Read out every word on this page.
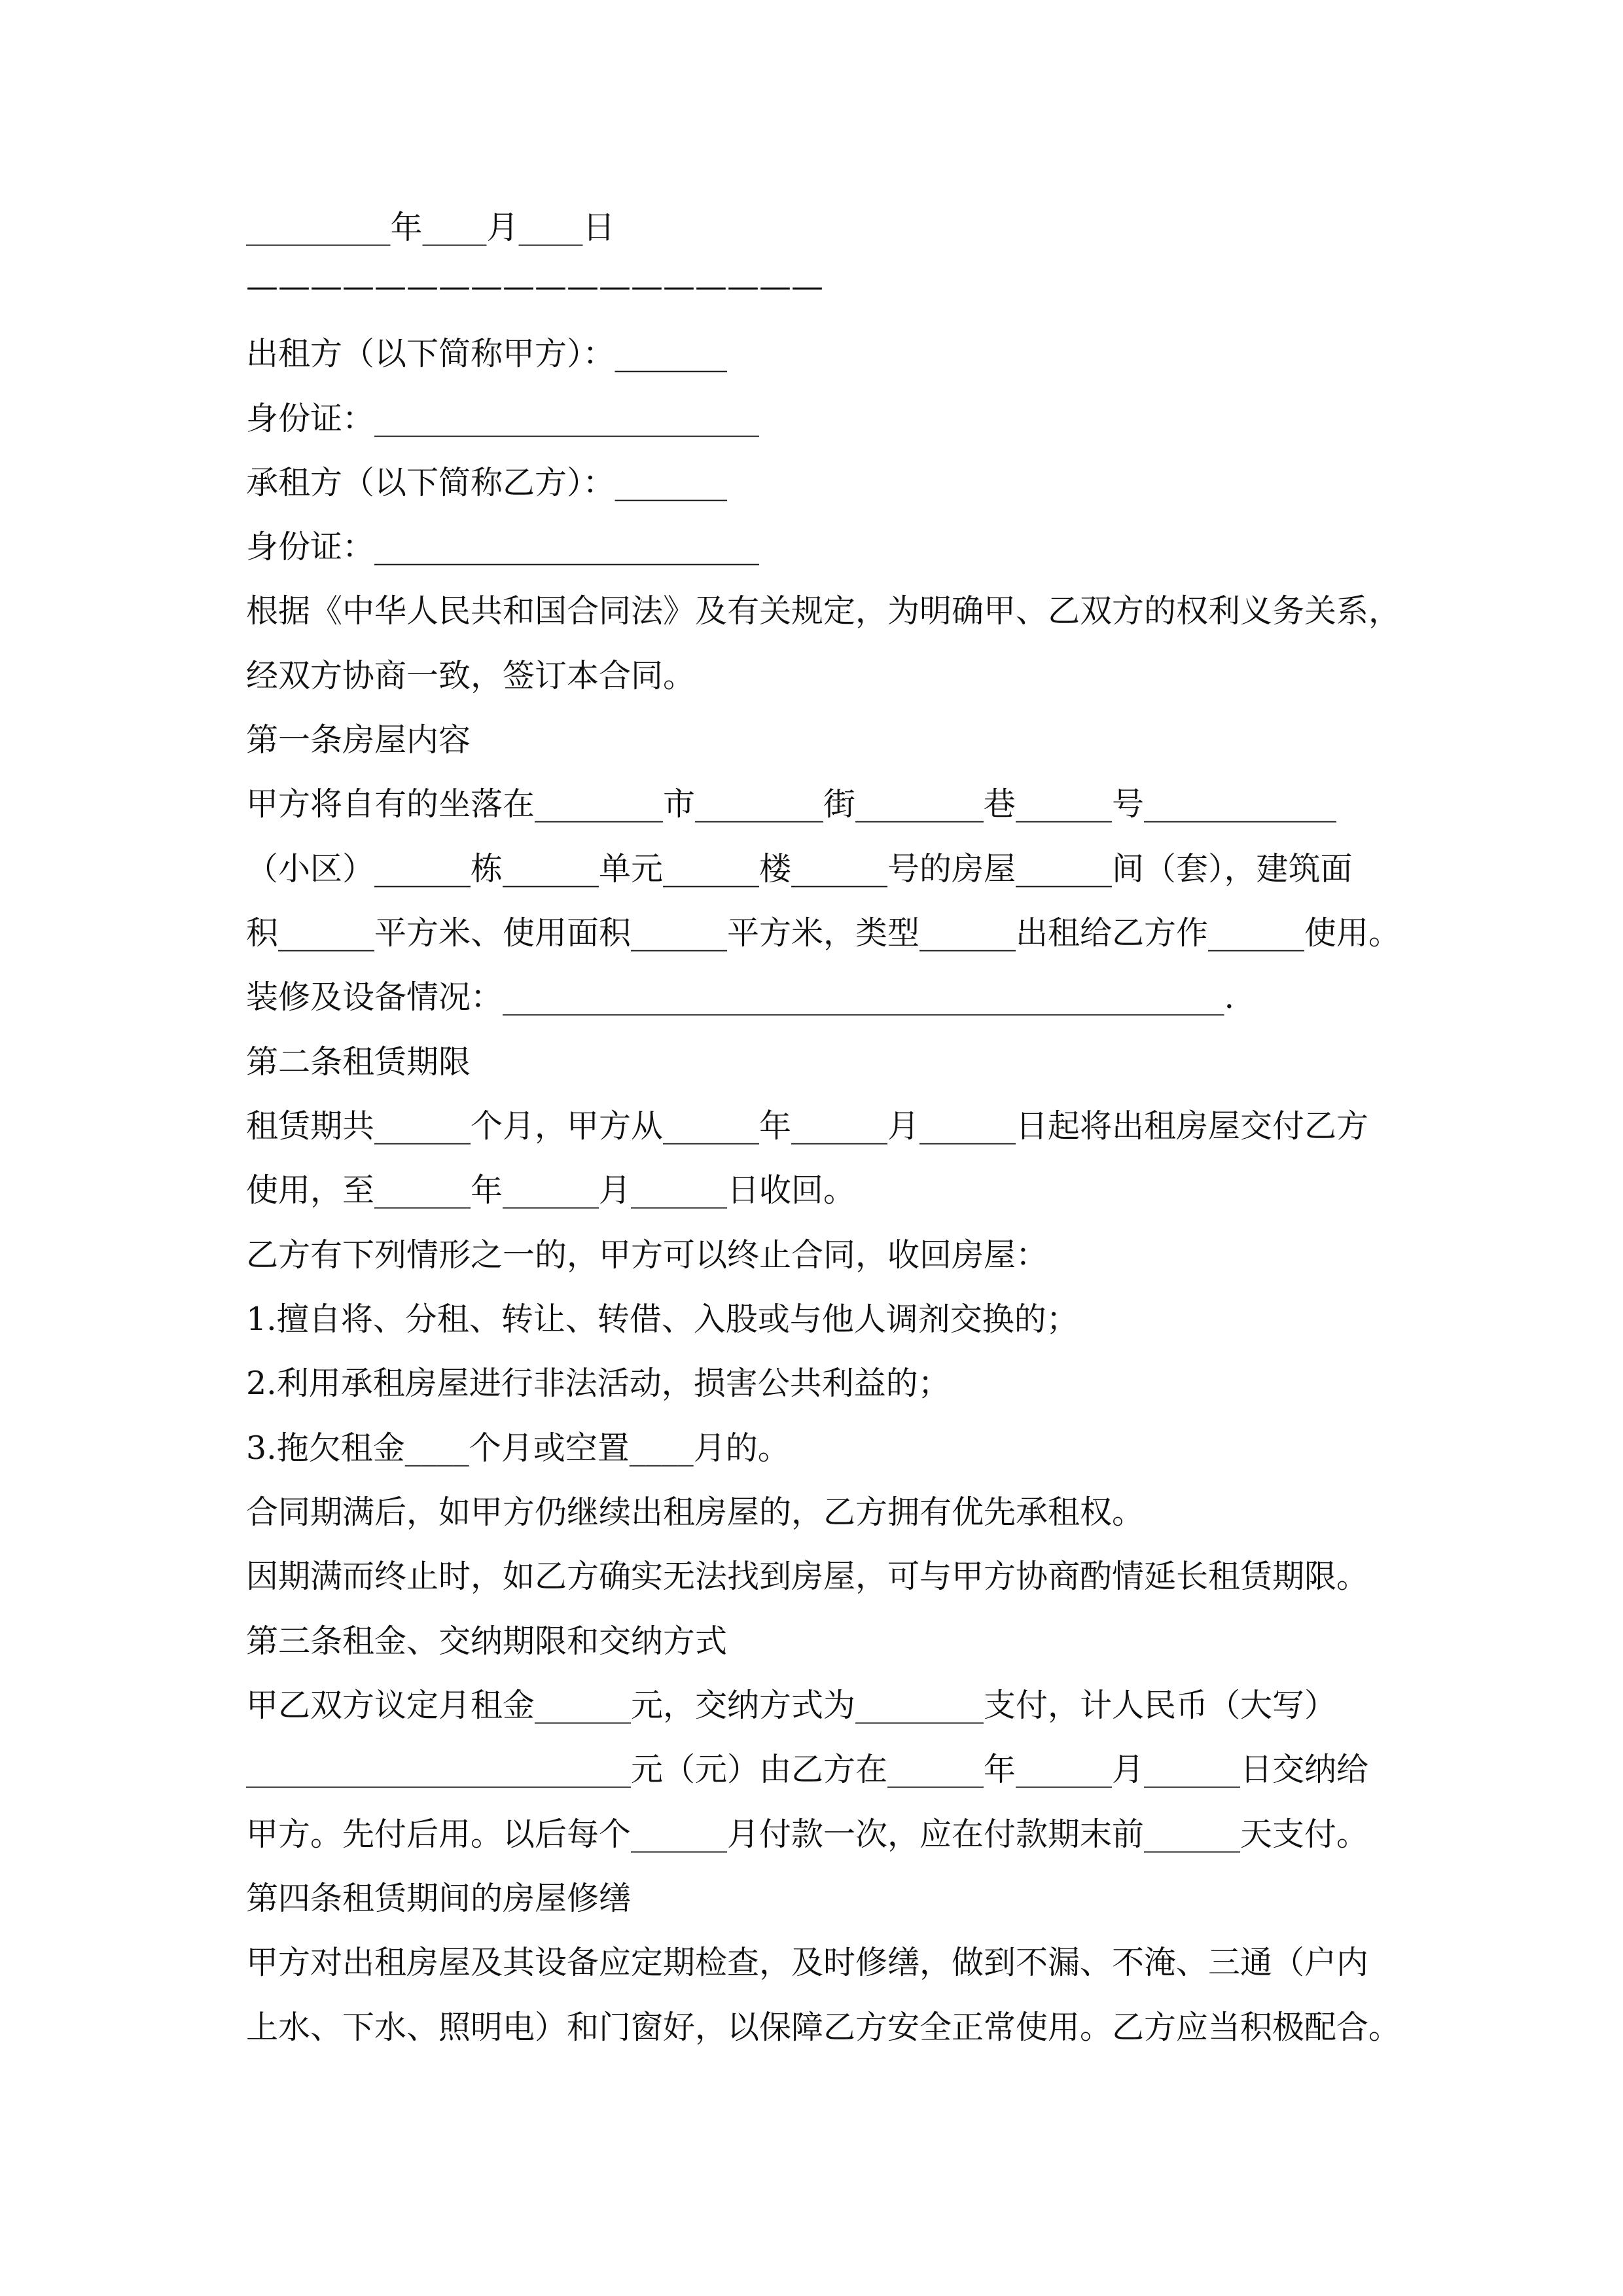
_________年____月____日

——————————————————

出租方（以下简称甲方）：_______

身份证：________________________

承租方（以下简称乙方）：_______

身份证：________________________

根据《中华人民共和国合同法》及有关规定，为明确甲、乙双方的权利义务关系，

经双方协商一致，签订本合同。

第一条房屋内容

甲方将自有的坐落在________市________街________巷______号____________

（小区）______栋______单元______楼______号的房屋______间（套），建筑面

积______平方米、使用面积______平方米，类型______出租给乙方作______使用。

装修及设备情况：_____________________________________________.

第二条租赁期限

租赁期共______个月，甲方从______年______月______日起将出租房屋交付乙方

使用，至______年______月______日收回。

乙方有下列情形之一的，甲方可以终止合同，收回房屋：

1.擅自将、分租、转让、转借、入股或与他人调剂交换的；

2.利用承租房屋进行非法活动，损害公共利益的；

3.拖欠租金____个月或空置____月的。

合同期满后，如甲方仍继续出租房屋的，乙方拥有优先承租权。

因期满而终止时，如乙方确实无法找到房屋，可与甲方协商酌情延长租赁期限。

第三条租金、交纳期限和交纳方式

甲乙双方议定月租金______元，交纳方式为________支付，计人民币（大写）

________________________元（元）由乙方在______年______月______日交纳给

甲方。先付后用。以后每个______月付款一次，应在付款期末前______天支付。

第四条租赁期间的房屋修缮

甲方对出租房屋及其设备应定期检查，及时修缮，做到不漏、不淹、三通（户内

上水、下水、照明电）和门窗好，以保障乙方安全正常使用。乙方应当积极配合。
